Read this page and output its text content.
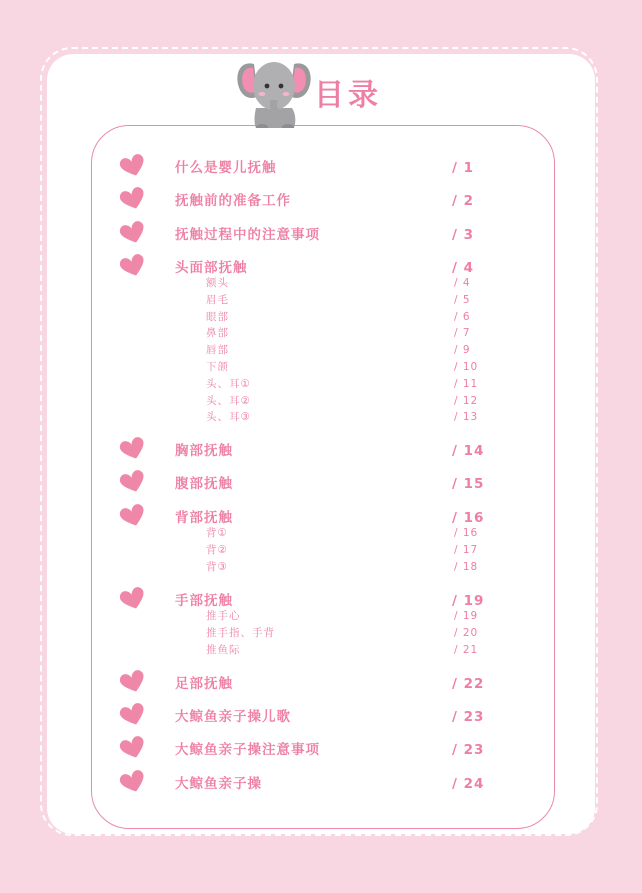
目录
什么是婴儿抚触	/ 1
抚触前的准备工作	/ 2
抚触过程中的注意事项	/ 3
头面部抚触	/ 4
额头	/ 4
眉毛	/ 5
眼部	/ 6
鼻部	/ 7
唇部	/ 9
下颌	/ 10
头、耳①	/ 11
头、耳②	/ 12
头、耳③	/ 13
胸部抚触	/ 14
腹部抚触	/ 15
背部抚触	/ 16
背①	/ 16
背②	/ 17
背③	/ 18
手部抚触	/ 19
推手心	/ 19
推手指、手背	/ 20
推鱼际	/ 21
足部抚触	/ 22
大鲸鱼亲子操儿歌	/ 23
大鲸鱼亲子操注意事项	/ 23
大鲸鱼亲子操	/ 24
